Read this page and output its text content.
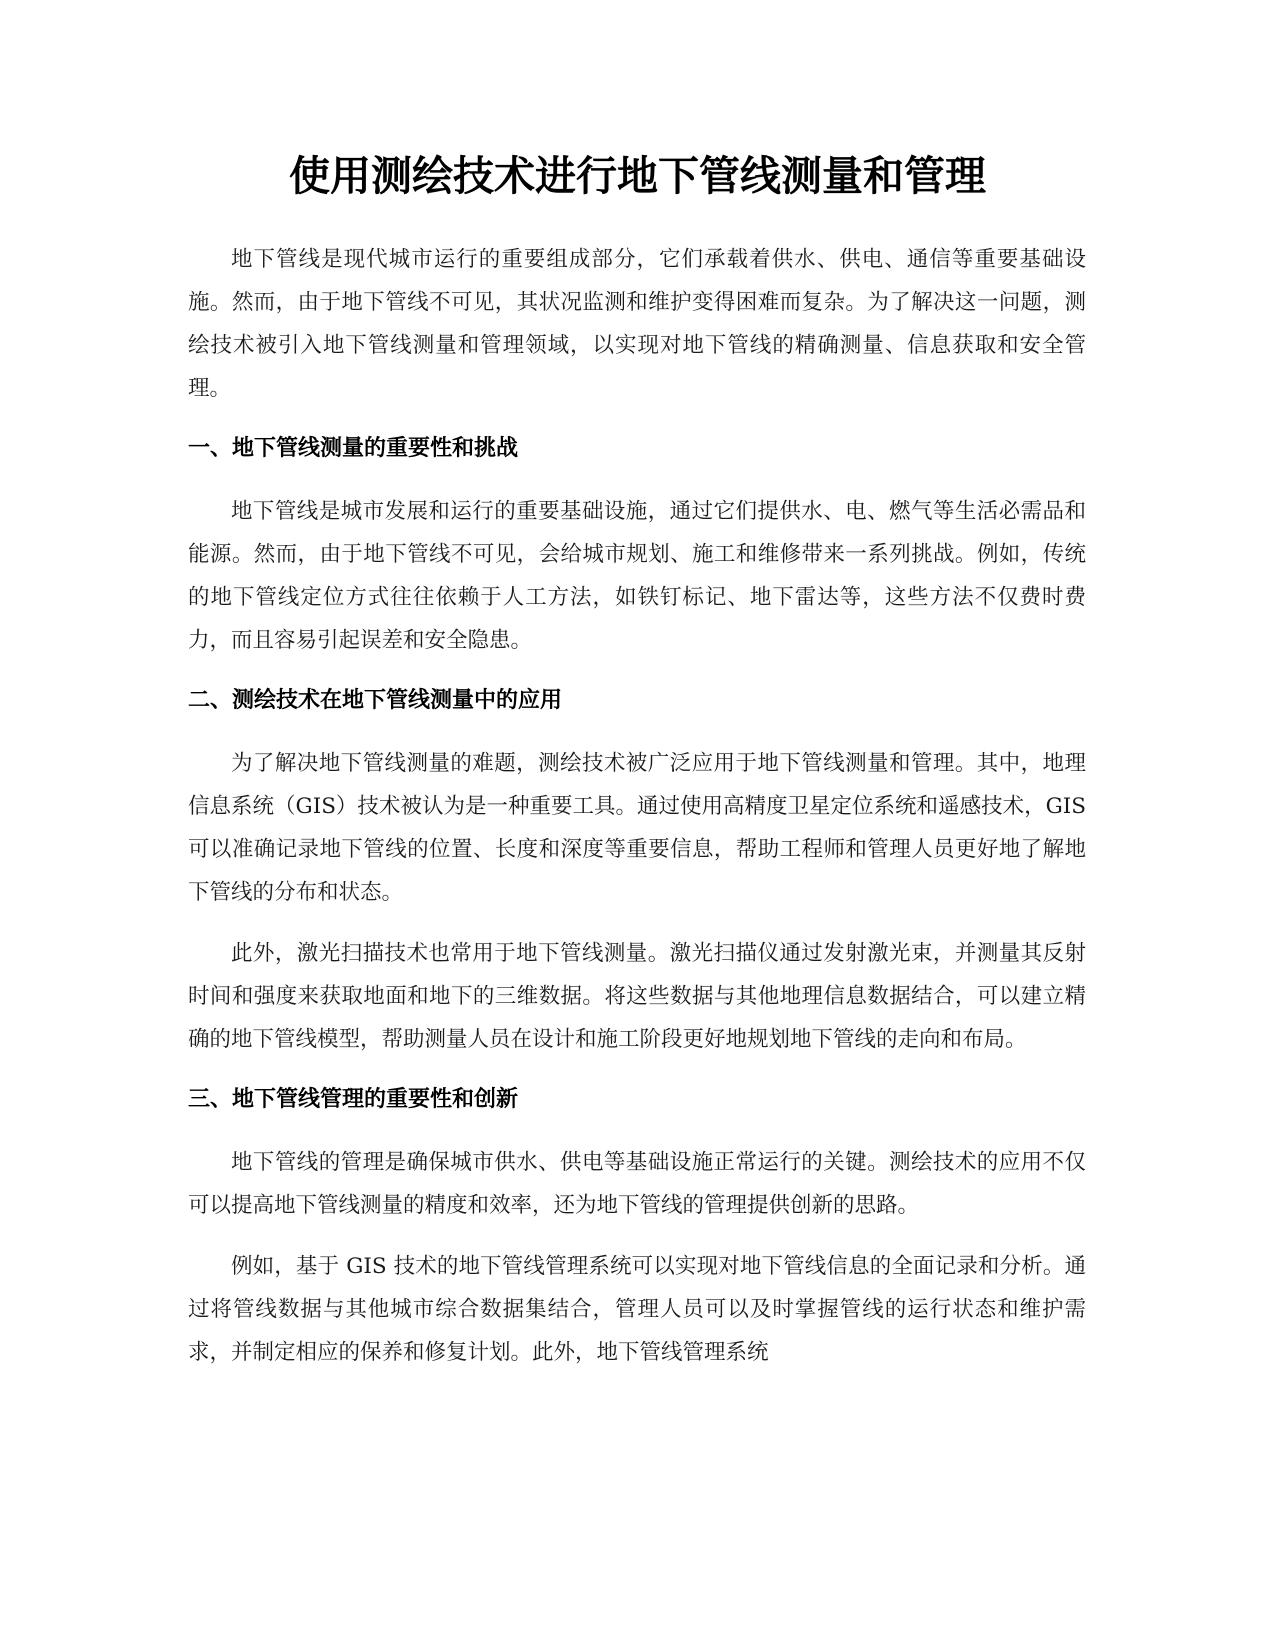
使用测绘技术进行地下管线测量和管理

地下管线是现代城市运行的重要组成部分，它们承载着供水、供电、通信等重要基础设施。然而，由于地下管线不可见，其状况监测和维护变得困难而复杂。为了解决这一问题，测绘技术被引入地下管线测量和管理领域，以实现对地下管线的精确测量、信息获取和安全管理。

一、地下管线测量的重要性和挑战

地下管线是城市发展和运行的重要基础设施，通过它们提供水、电、燃气等生活必需品和能源。然而，由于地下管线不可见，会给城市规划、施工和维修带来一系列挑战。例如，传统的地下管线定位方式往往依赖于人工方法，如铁钉标记、地下雷达等，这些方法不仅费时费力，而且容易引起误差和安全隐患。

二、测绘技术在地下管线测量中的应用

为了解决地下管线测量的难题，测绘技术被广泛应用于地下管线测量和管理。其中，地理信息系统（GIS）技术被认为是一种重要工具。通过使用高精度卫星定位系统和遥感技术，GIS 可以准确记录地下管线的位置、长度和深度等重要信息，帮助工程师和管理人员更好地了解地下管线的分布和状态。

此外，激光扫描技术也常用于地下管线测量。激光扫描仪通过发射激光束，并测量其反射时间和强度来获取地面和地下的三维数据。将这些数据与其他地理信息数据结合，可以建立精确的地下管线模型，帮助测量人员在设计和施工阶段更好地规划地下管线的走向和布局。

三、地下管线管理的重要性和创新

地下管线的管理是确保城市供水、供电等基础设施正常运行的关键。测绘技术的应用不仅可以提高地下管线测量的精度和效率，还为地下管线的管理提供创新的思路。

例如，基于 GIS 技术的地下管线管理系统可以实现对地下管线信息的全面记录和分析。通过将管线数据与其他城市综合数据集结合，管理人员可以及时掌握管线的运行状态和维护需求，并制定相应的保养和修复计划。此外，地下管线管理系统
